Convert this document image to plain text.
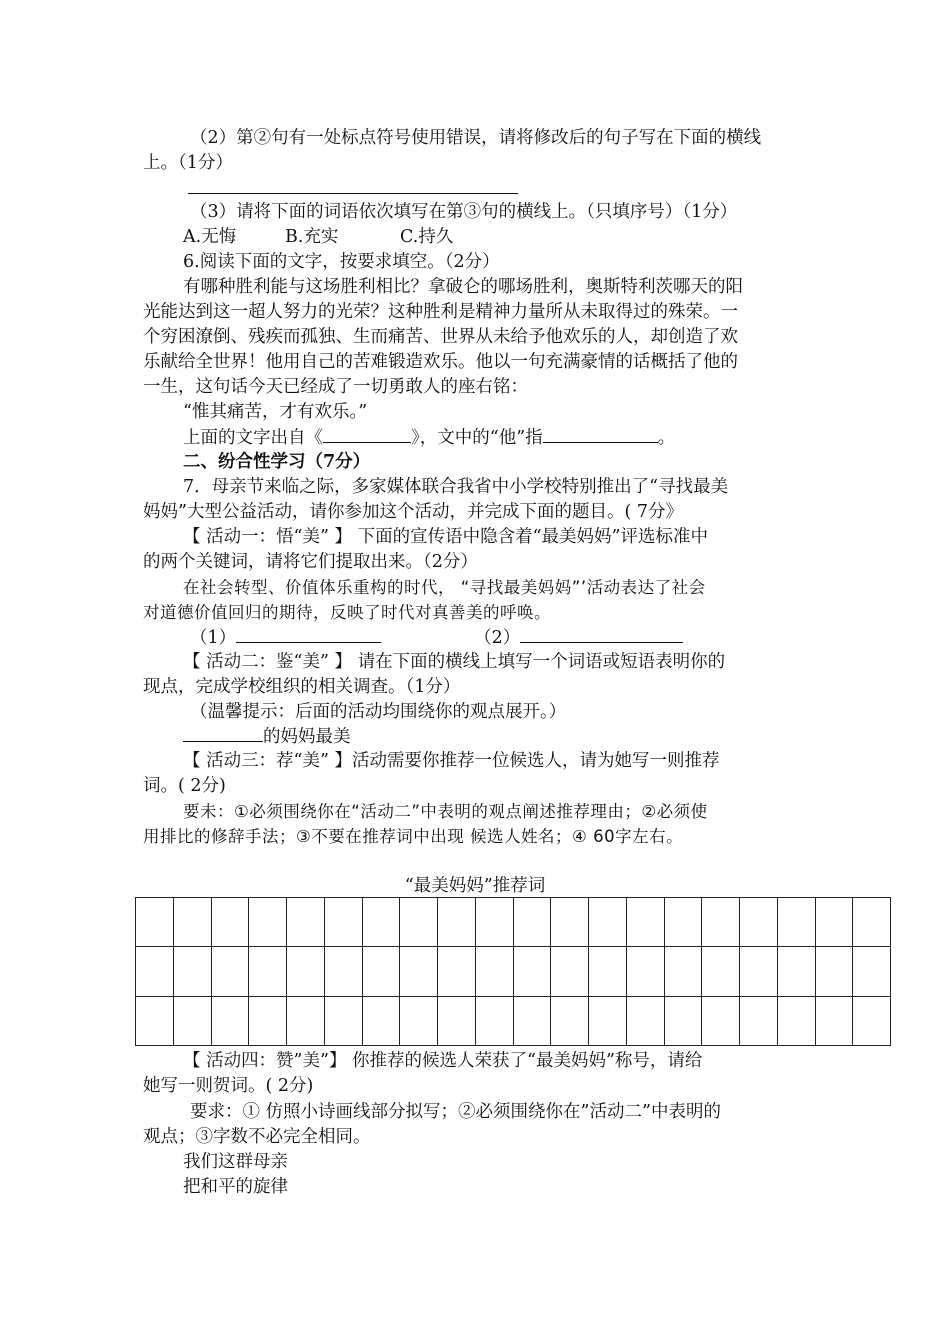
（2）第②句有一处标点符号使用错误，请将修改后的句子写在下面的横线
上。（1分）
（3）请将下面的词语依次填写在第③句的横线上。（只填序号）（1分）
A.无悔	B.充实	C.持久
6.阅读下面的文字，按要求填空。（2分）
有哪种胜利能与这场胜利相比？拿破仑的哪场胜利，奥斯特利茨哪天的阳
光能达到这一超人努力的光荣？这种胜利是精神力量所从未取得过的殊荣。一
个穷困潦倒、残疾而孤独、生而痛苦、世界从未给予他欢乐的人，却创造了欢
乐献给全世界！他用自己的苦难锻造欢乐。他以一句充满豪情的话概括了他的
一生，这句话今天已经成了一切勇敢人的座右铭：
“惟其痛苦，才有欢乐。”
上面的文字出自《	》，文中的“他”指	。
二、纷合性学习（7分）
7．母亲节来临之际，多家媒体联合我省中小学校特别推出了“寻找最美
妈妈”大型公益活动，请你参加这个活动，并完成下面的题目。( 7分》
【 活动一：悟“美” 】 下面的宣传语中隐含着“最美妈妈”评选标准中
的两个关键词，请将它们提取出来。（2分）
在社会转型、价值体乐重构的时代， “寻找最美妈妈”’活动表达了社会
对道德价值回归的期待，反映了时代对真善美的呼唤。
（1）	（2）
【 活动二：鉴“美” 】 请在下面的横线上填写一个词语或短语表明你的
现点，完成学校组织的相关调查。（1分）
（温馨提示：后面的活动均围绕你的观点展开。）
的妈妈最美
【 活动三：荐“美” 】活动需要你推荐一位候选人，请为她写一则推荐
词。( 2分)
要未：①必须围绕你在“活动二”中表明的观点阐述推荐理由；②必须使
用排比的修辞手法；③不要在推荐词中出现 候选人姓名；④ 60字左右。
“最美妈妈”推荐词

【 活动四：赞”美”】 你推荐的候选人荣获了“最美妈妈”称号，请给
她写一则贺词。( 2分)
要求：① 仿照小诗画线部分拟写；②必须围绕你在”活动二”中表明的
观点；③字数不必完全相同。
我们这群母亲
把和平的旋律
